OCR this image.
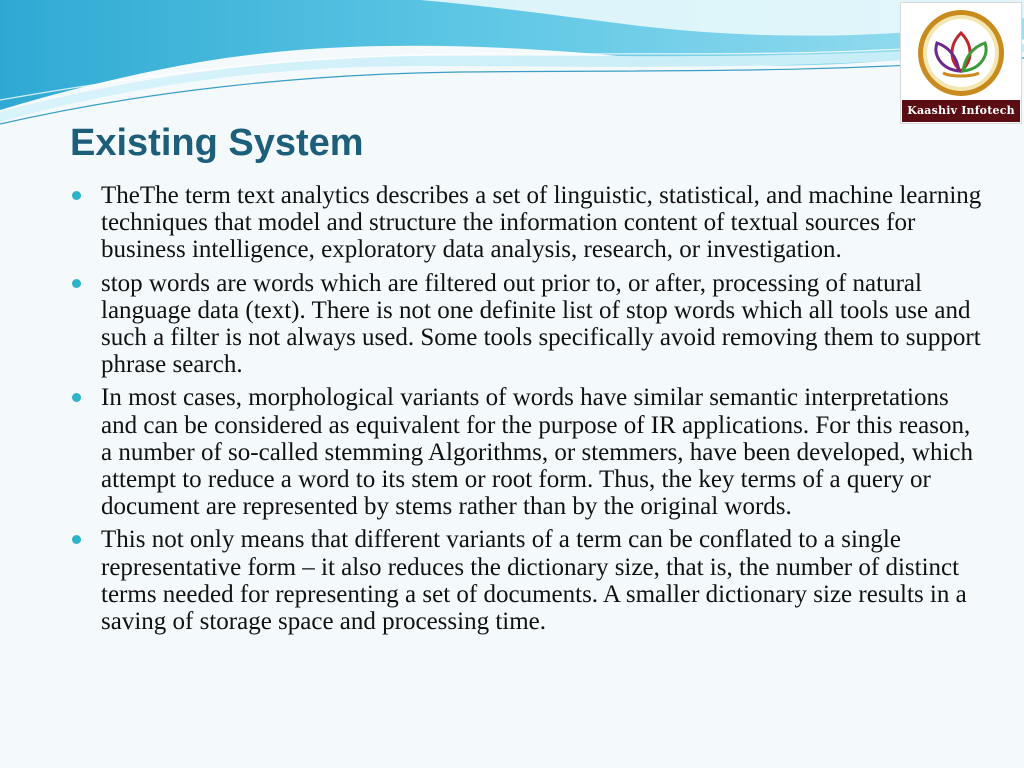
Kaashiv Infotech
Existing System
TheThe term text analytics describes a set of linguistic, statistical, and machine learning techniques that model and structure the information content of textual sources for business intelligence, exploratory data analysis, research, or investigation.
stop words are words which are filtered out prior to, or after, processing of natural language data (text). There is not one definite list of stop words which all tools use and such a filter is not always used. Some tools specifically avoid removing them to support phrase search.
In most cases, morphological variants of words have similar semantic interpretations and can be considered as equivalent for the purpose of IR applications. For this reason, a number of so-called stemming Algorithms, or stemmers, have been developed, which attempt to reduce a word to its stem or root form. Thus, the key terms of a query or document are represented by stems rather than by the original words.
This not only means that different variants of a term can be conflated to a single representative form – it also reduces the dictionary size, that is, the number of distinct terms needed for representing a set of documents. A smaller dictionary size results in a saving of storage space and processing time.
